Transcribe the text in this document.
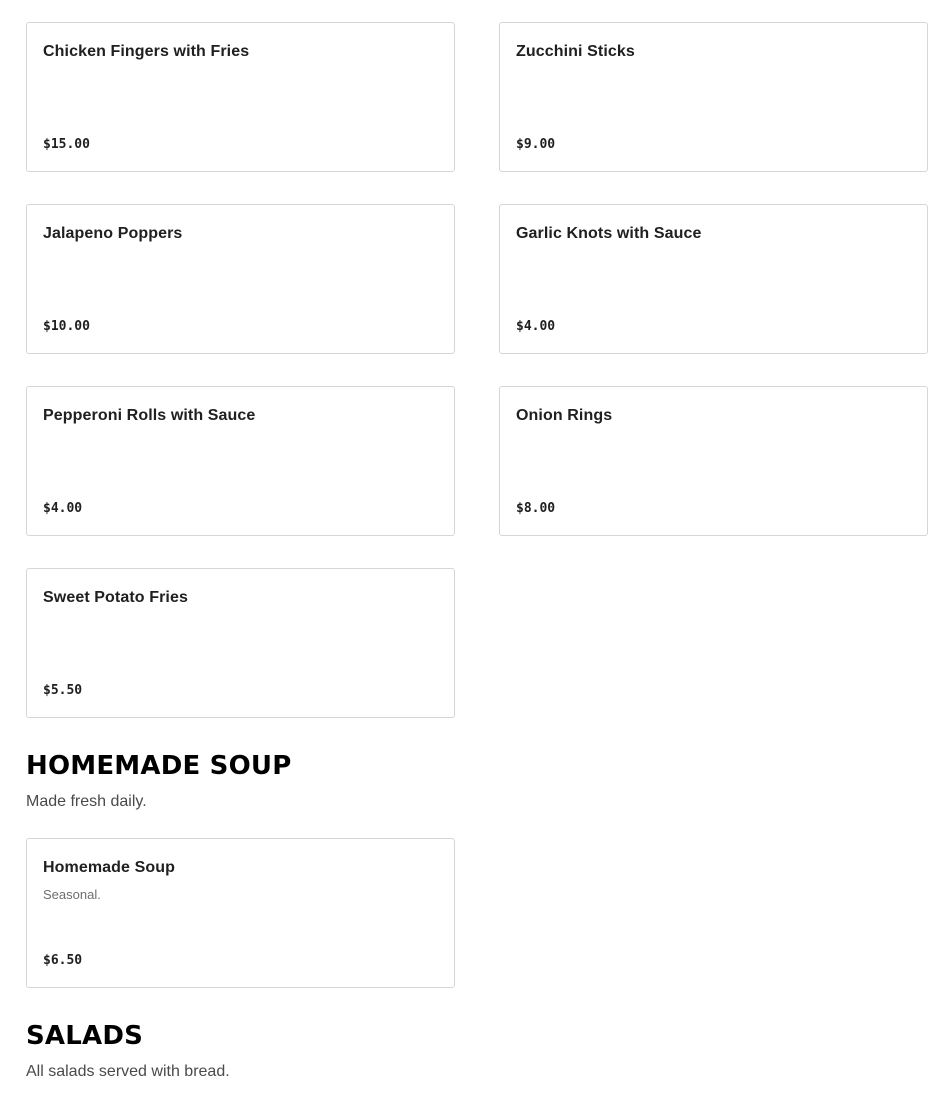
Chicken Fingers with Fries
$15.00
Zucchini Sticks
$9.00
Jalapeno Poppers
$10.00
Garlic Knots with Sauce
$4.00
Pepperoni Rolls with Sauce
$4.00
Onion Rings
$8.00
Sweet Potato Fries
$5.50
HOMEMADE SOUP

Made fresh daily.

Homemade Soup
Seasonal.
$6.50
SALADS

All salads served with bread.
